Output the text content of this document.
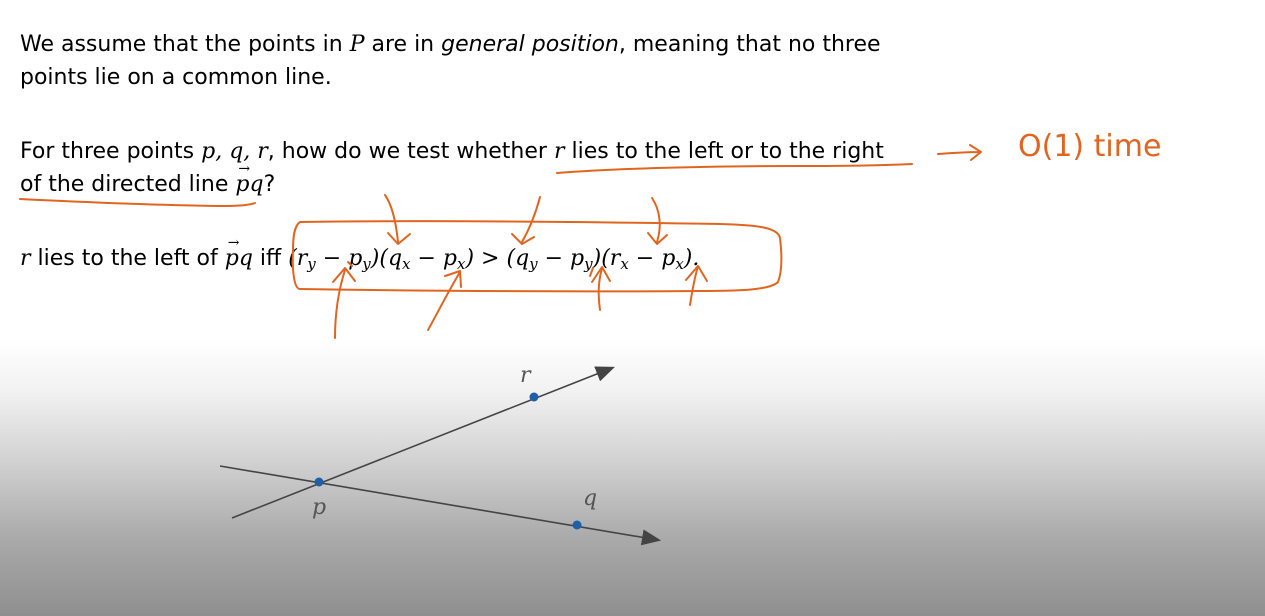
We assume that the points in P are in general position, meaning that no three
points lie on a common line.
For three points p, q, r, how do we test whether r lies to the left or to the right
of the directed line → pq?
r lies to the left of → pq iff $(r_y - p_y)(q_x - p_x) > (q_y - p_y)(r_x - p_x)$.
O(1) time
r
p	q
